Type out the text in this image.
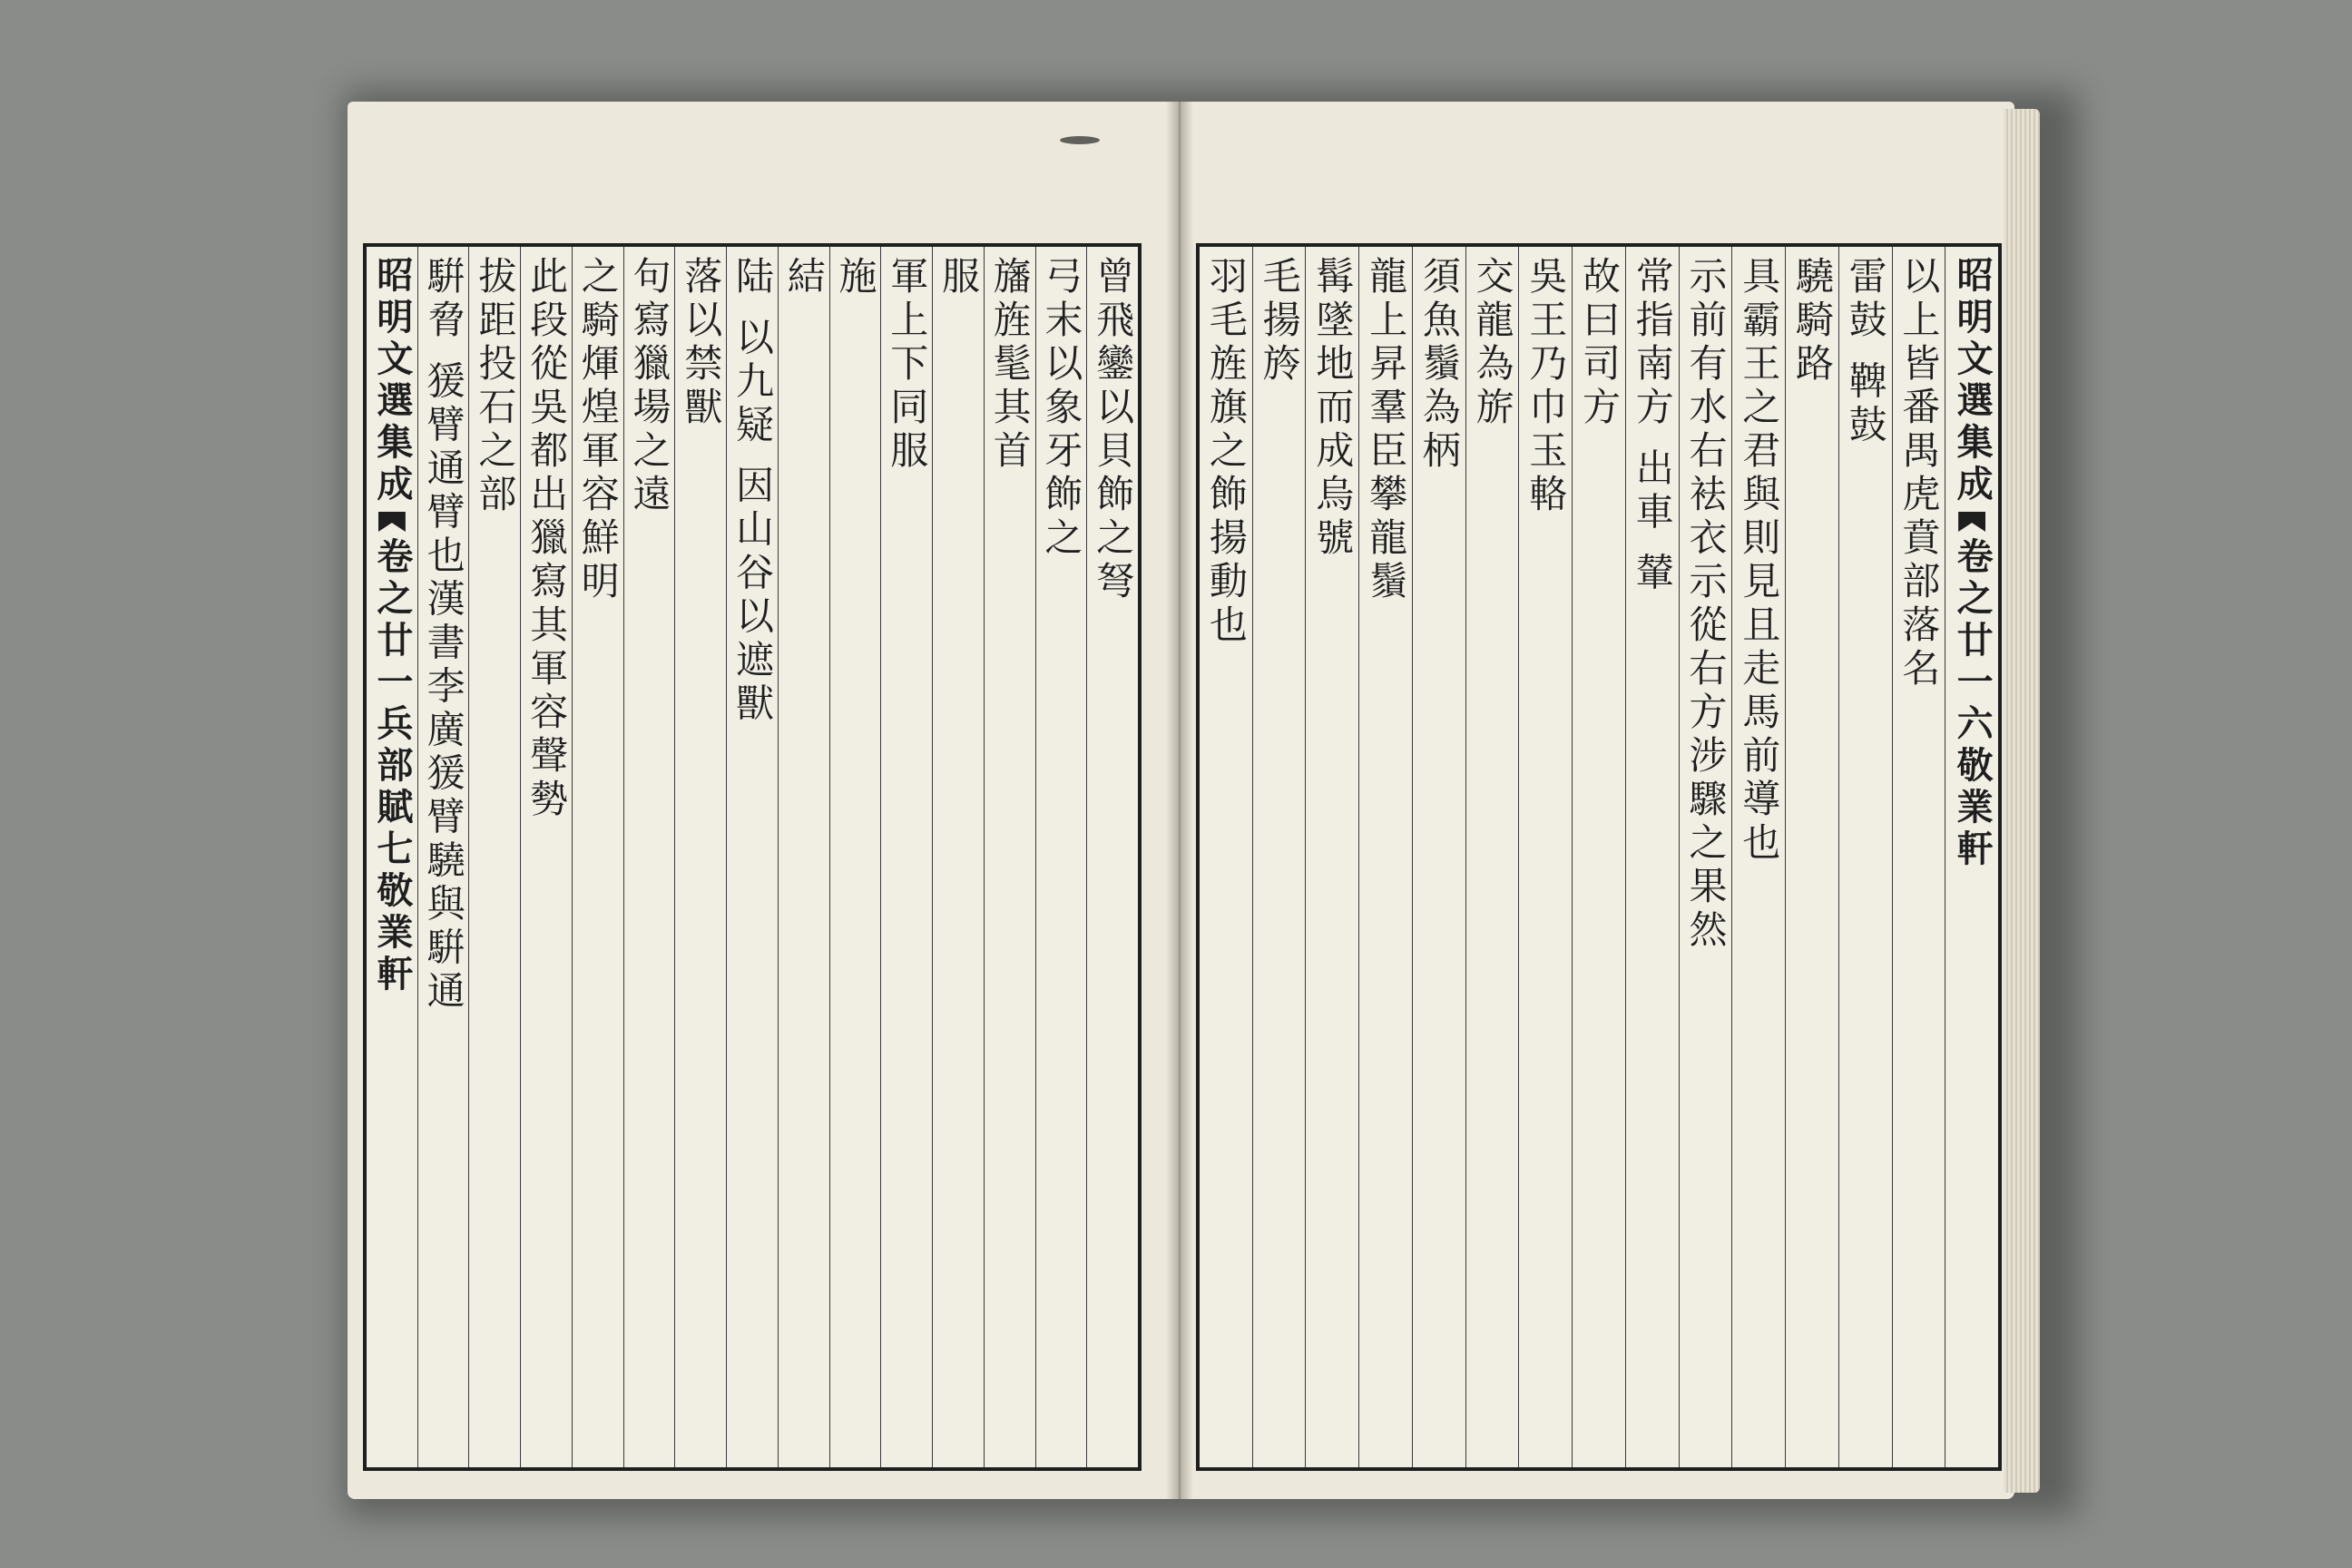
曾飛鑾以貝飾之弩
弓末以象牙飾之
旛旌髦其首
服
軍上下同服
施
結
陆 以九疑 因山谷以遮獸
落以禁獸
句寫獵場之遠
之騎煇煌軍容鮮明
此段從吳都出獵寫其軍容聲勢
拔距投石之部
騈脅 猨臂通臂也漢書李廣猨臂驍與騈通
昭明文選集成
卷之廿一
兵部賦
七
敬業軒
昭明文選集成
卷之廿一
六
敬業軒
以上皆番禺虎賁部落名
雷鼓 鞞鼓
驍騎路
具霸王之君與則見且走馬前導也
示前有水右袪衣示從右方涉驟之果然
常指南方 出車 輦
故曰司方
吳王乃巾玉輅
交龍為旂
須魚鬚為柄
龍上昇羣臣攀龍鬚
髯墜地而成烏號
毛揚旍
羽毛旌旗之飾揚動也
